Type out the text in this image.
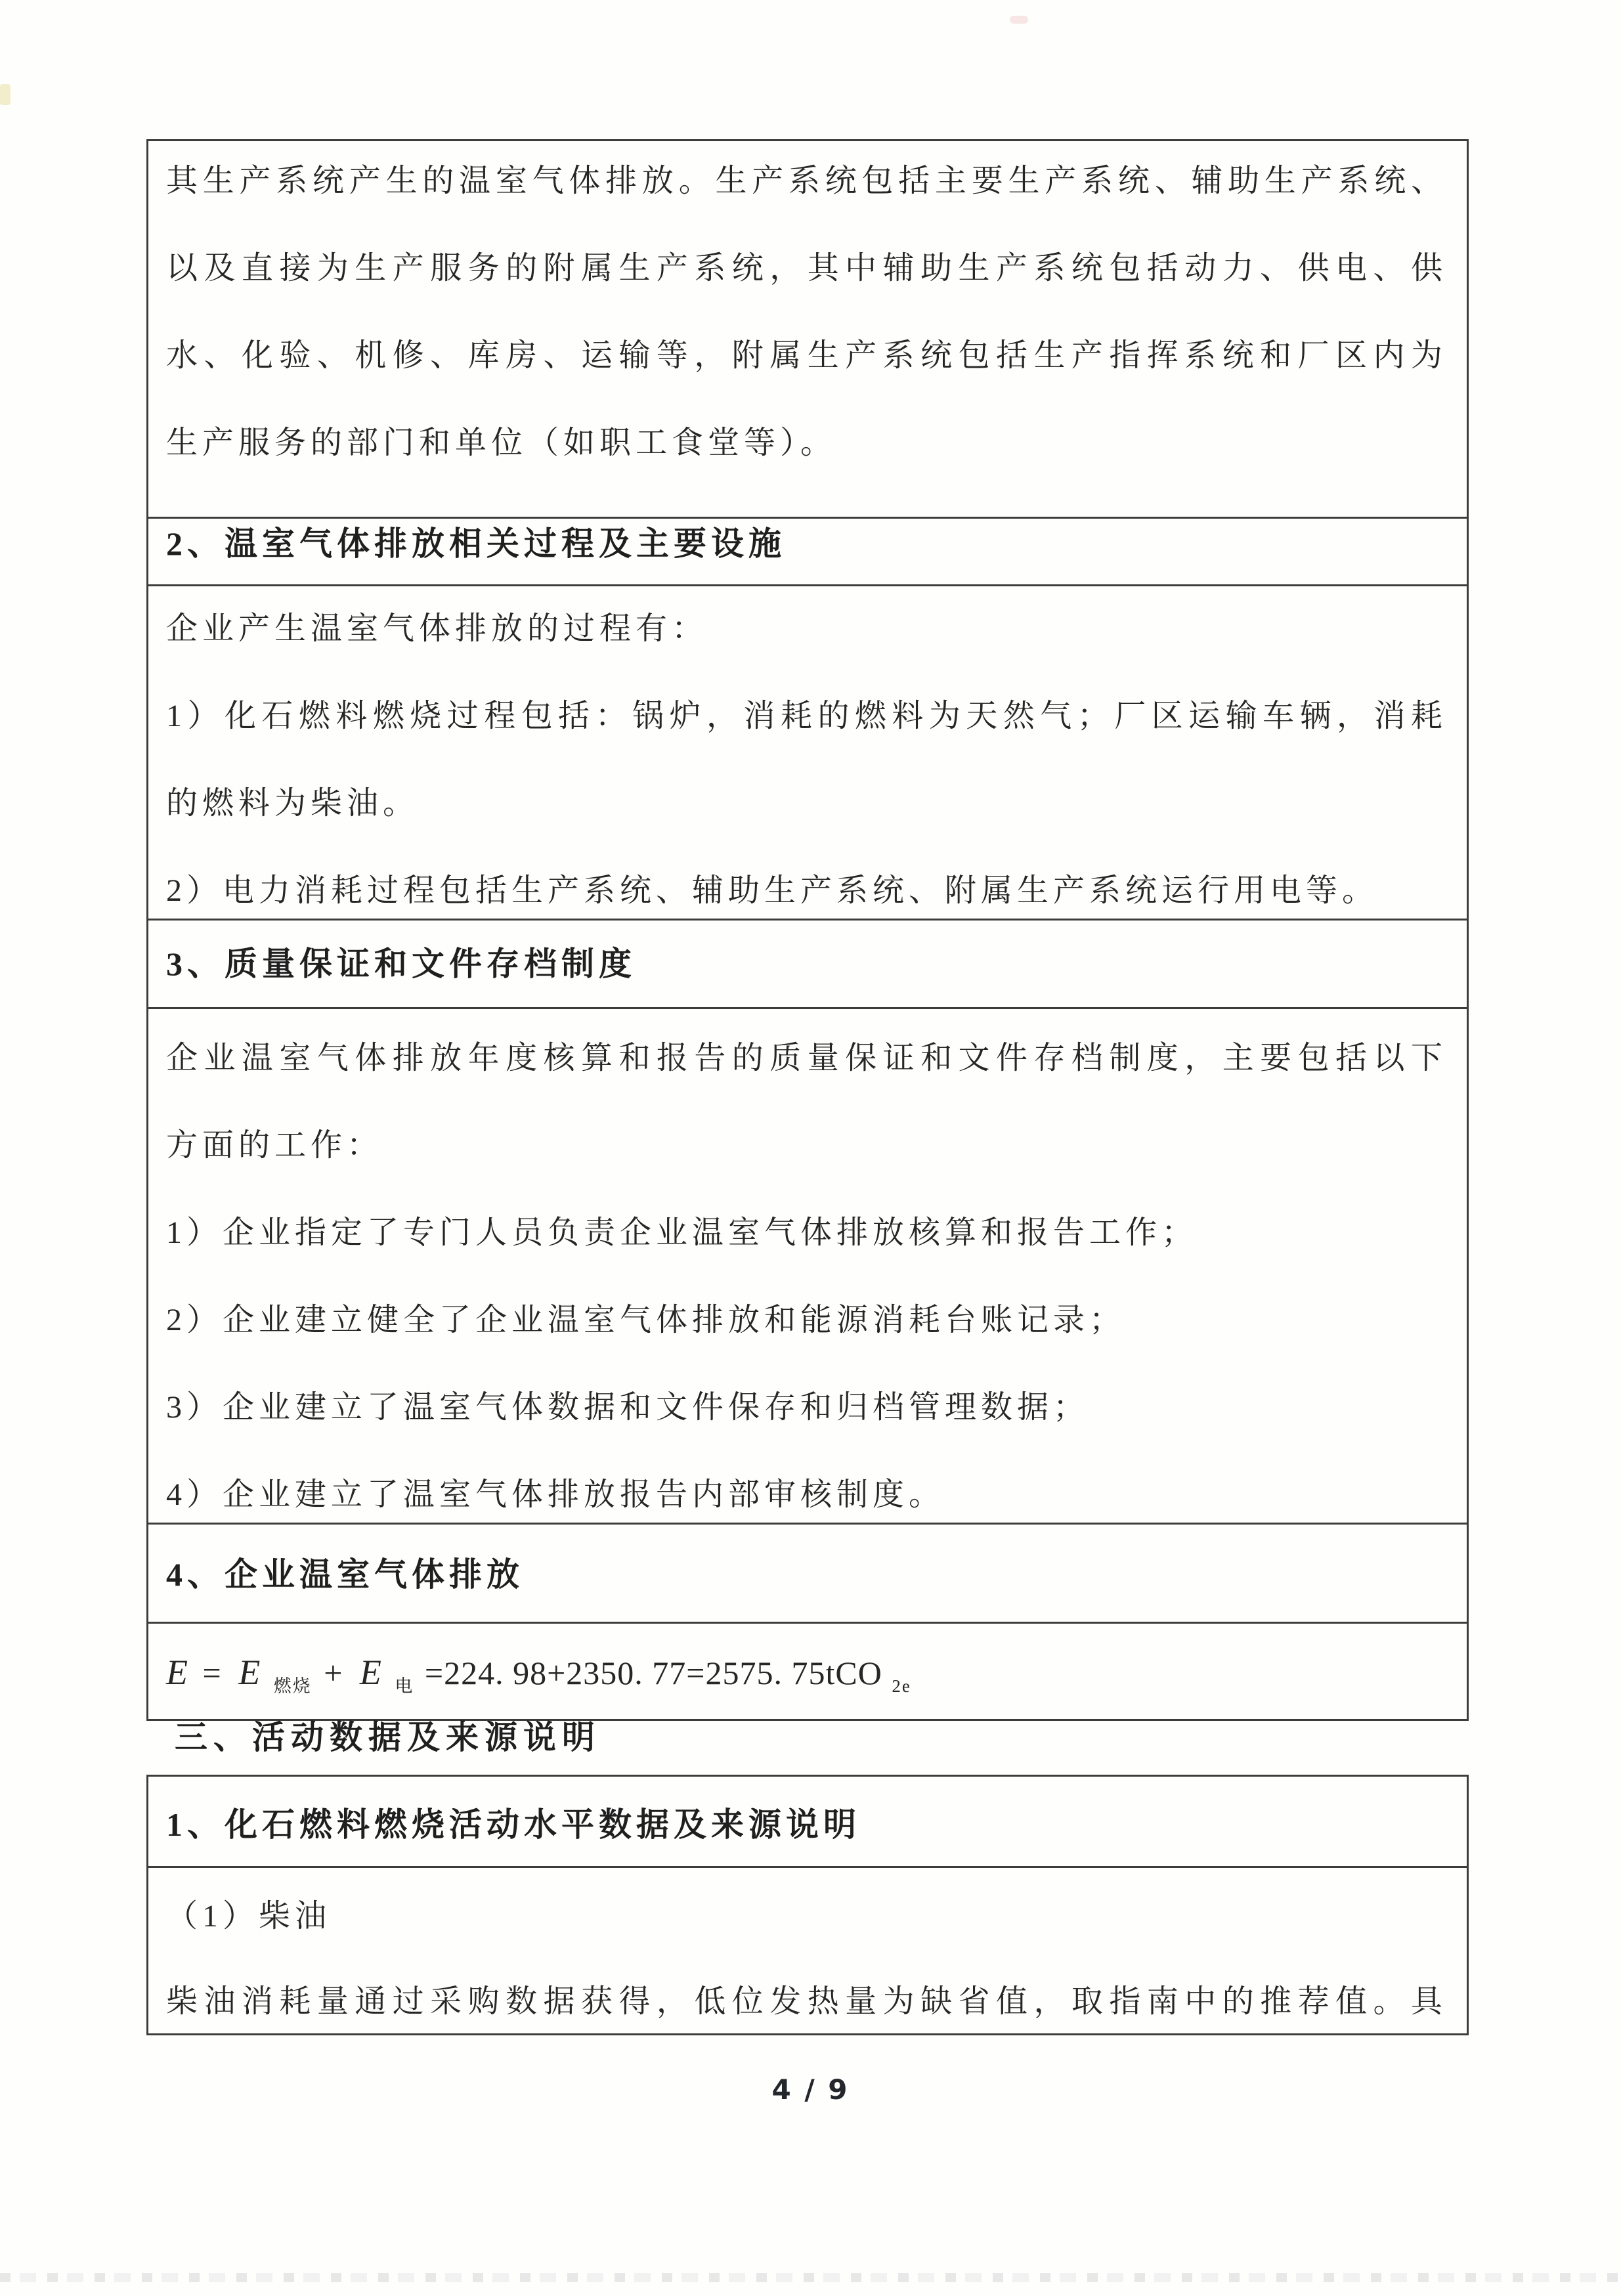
其生产系统产生的温室气体排放。生产系统包括主要生产系统、辅助生产系统、
以及直接为生产服务的附属生产系统，其中辅助生产系统包括动力、供电、供
水、化验、机修、库房、运输等，附属生产系统包括生产指挥系统和厂区内为
生产服务的部门和单位（如职工食堂等）。
2、温室气体排放相关过程及主要设施
企业产生温室气体排放的过程有：
1）化石燃料燃烧过程包括：锅炉，消耗的燃料为天然气；厂区运输车辆，消耗
的燃料为柴油。
2）电力消耗过程包括生产系统、辅助生产系统、附属生产系统运行用电等。
3、质量保证和文件存档制度
企业温室气体排放年度核算和报告的质量保证和文件存档制度，主要包括以下
方面的工作：
1）企业指定了专门人员负责企业温室气体排放核算和报告工作；
2）企业建立健全了企业温室气体排放和能源消耗台账记录；
3）企业建立了温室气体数据和文件保存和归档管理数据；
4）企业建立了温室气体排放报告内部审核制度。
4、企业温室气体排放
E = E $_{燃烧}$ + E $_电$ =224. 98+2350. 77=2575. 75tCO $_{2e}$
三、活动数据及来源说明
1、化石燃料燃烧活动水平数据及来源说明
（1）柴油
柴油消耗量通过采购数据获得，低位发热量为缺省值，取指南中的推荐值。具
4 / 9
